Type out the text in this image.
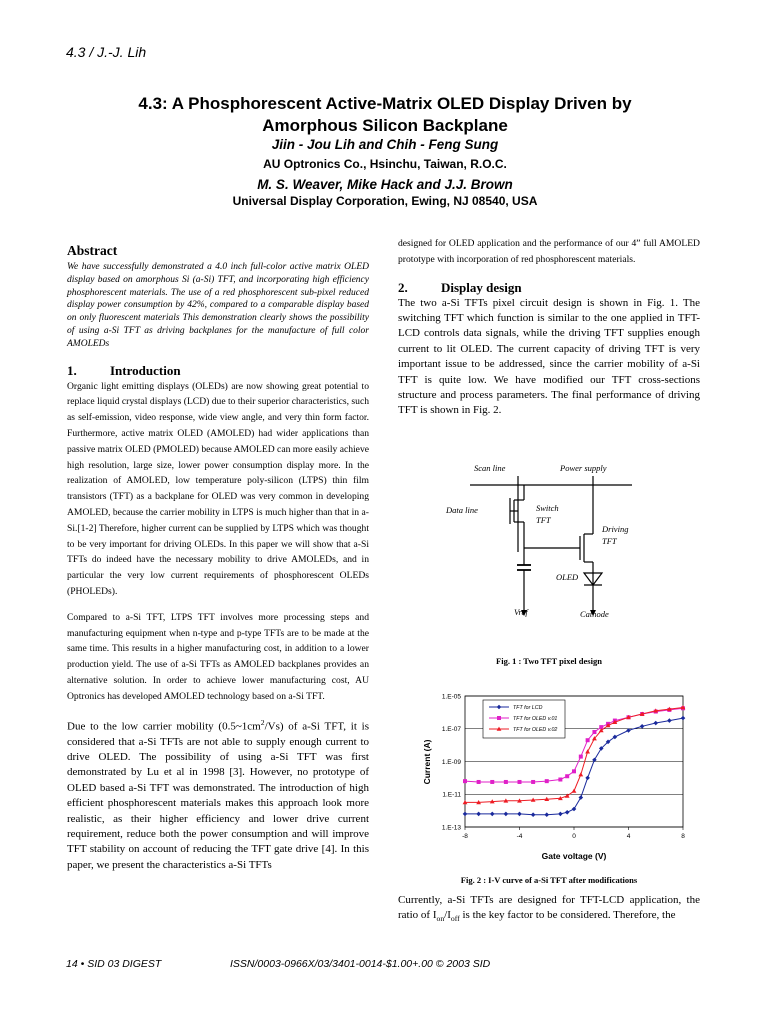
4.3 / J.-J. Lih
4.3: A Phosphorescent Active-Matrix OLED Display Driven by
Amorphous Silicon Backplane
Jiin - Jou Lih and Chih - Feng Sung
AU Optronics Co., Hsinchu, Taiwan, R.O.C.
M. S. Weaver, Mike Hack and J.J. Brown
Universal Display Corporation, Ewing, NJ 08540, USA
Abstract

We have successfully demonstrated a 4.0 inch full-color active matrix OLED display based on amorphous Si (a-Si) TFT, and incorporating high efficiency phosphorescent materials. The use of a red phosphorescent sub-pixel reduced display power consumption by 42%, compared to a comparable display based on only fluorescent materials This demonstration clearly shows the possibility of using a-Si TFT as driving backplanes for the manufacture of full color AMOLEDs

1.	Introduction

Organic light emitting displays (OLEDs) are now showing great potential to replace liquid crystal displays (LCD) due to their superior characteristics, such as self-emission, video response, wide view angle, and very thin form factor. Furthermore, active matrix OLED (AMOLED) had wider applications than passive matrix OLED (PMOLED) because AMOLED can more easily achieve high resolution, large size, lower power consumption display more. In the realization of AMOLED, low temperature poly-silicon (LTPS) thin film transistors (TFT) as a backplane for OLED was very common in developing AMOLED, because the carrier mobility in LTPS is much higher than that in a-Si.[1-2] Therefore, higher current can be supplied by LTPS which was thought to be very important for driving OLEDs. In this paper we will show that a-Si TFTs do indeed have the necessary mobility to drive AMOLEDs, and in particular the very low current requirements of phosphorescent OLEDs (PHOLEDs).

Compared to a-Si TFT, LTPS TFT involves more processing steps and manufacturing equipment when n-type and p-type TFTs are to be made at the same time. This results in a higher manufacturing cost, in addition to a lower production yield. The use of a-Si TFTs as AMOLED backplanes provides an alternative solution. In order to achieve lower manufacturing cost, AU Optronics has developed AMOLED technology based on a-Si TFT.

Due to the low carrier mobility $(0.5\sim 1cm^2/Vs)$ of a-Si TFT, it is considered that a-Si TFTs are not able to supply enough current to drive OLED. The possibility of using a-Si TFT was first demonstrated by Lu et al in 1998 [3]. However, no prototype of OLED based a-Si TFT was demonstrated. The introduction of high efficient phosphorescent materials makes this approach look more realistic, as their higher efficiency and lower drive current requirement, reduce both the power consumption and will improve TFT stability on account of reducing the TFT gate drive [4]. In this paper, we present the characteristics a-Si TFTs

designed for OLED application and the performance of our 4” full AMOLED prototype with incorporation of red phosphorescent materials.

2.	Display design

The two a-Si TFTs pixel circuit design is shown in Fig. 1. The switching TFT which function is similar to the one applied in TFT-LCD controls data signals, while the driving TFT supplies enough current to lit OLED. The current capacity of driving TFT is very important issue to be addressed, since the carrier mobility of a-Si TFT is quite low. We have modified our TFT cross-sections structure and process parameters. The final performance of driving TFT is shown in Fig. 2.

Scan line	Power supply
Data line	Switch
TFT
Driving
TFT
OLED
Vref	Cathode
Fig. 1 : Two TFT pixel design
1.E-05
1.E-07
1.E-09
1.E-11
1.E-13
-8	-4	0	4	8
Current (A)
Gate voltage (V)
TFT for LCD
TFT for OLED v.01
TFT for OLED v.02
Fig. 2 : I-V curve of a-Si TFT after modifications

Currently, a-Si TFTs are designed for TFT-LCD application, the ratio of $I_{on}/I_{off}$ is the key factor to be considered. Therefore, the

14 • SID 03 DIGEST	ISSN/0003-0966X/03/3401-0014-$1.00+.00 © 2003 SID
